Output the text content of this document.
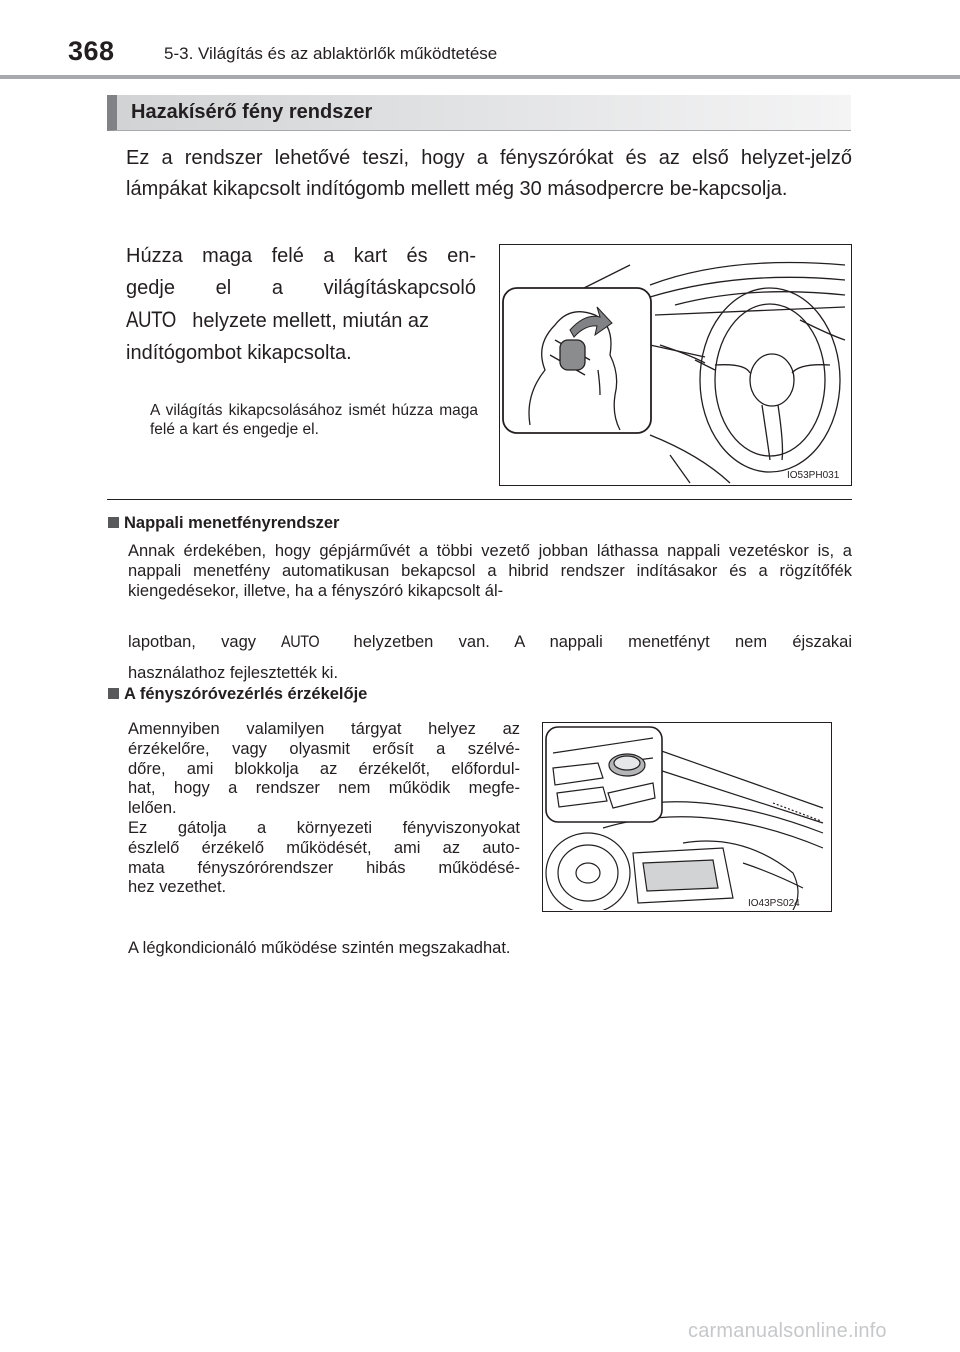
368	5-3. Világítás és az ablaktörlők működtetése
Hazakísérő fény rendszer
Ez a rendszer lehetővé teszi, hogy a fényszórókat és az első helyzet-jelző lámpákat kikapcsolt indítógomb mellett még 30 másodpercre be-kapcsolja.
Húzza maga felé a kart és en-
gedje el a világításkapcsoló
AUTO helyzete mellett, miután az
indítógombot kikapcsolta.
A világítás kikapcsolásához ismét húzza maga felé a kart és engedje el.
IO53PH031
Nappali menetfényrendszer
Annak érdekében, hogy gépjárművét a többi vezető jobban láthassa nappali vezetéskor is, a nappali menetfény automatikusan bekapcsol a hibrid rendszer indításakor és a rögzítőfék kiengedésekor, illetve, ha a fényszóró kikapcsolt ál-
lapotban, vagy AUTO helyzetben van. A nappali menetfényt nem éjszakai
használathoz fejlesztették ki.
A fényszóróvezérlés érzékelője
Amennyiben valamilyen tárgyat helyez az
érzékelőre, vagy olyasmit erősít a szélvé-
dőre, ami blokkolja az érzékelőt, előfordul-
hat, hogy a rendszer nem működik megfe-
lelően.
Ez gátolja a környezeti fényviszonyokat
észlelő érzékelő működését, ami az auto-
mata fényszórórendszer hibás működésé-
hez vezethet.
IO43PS024
A légkondicionáló működése szintén megszakadhat.
carmanualsonline.info
